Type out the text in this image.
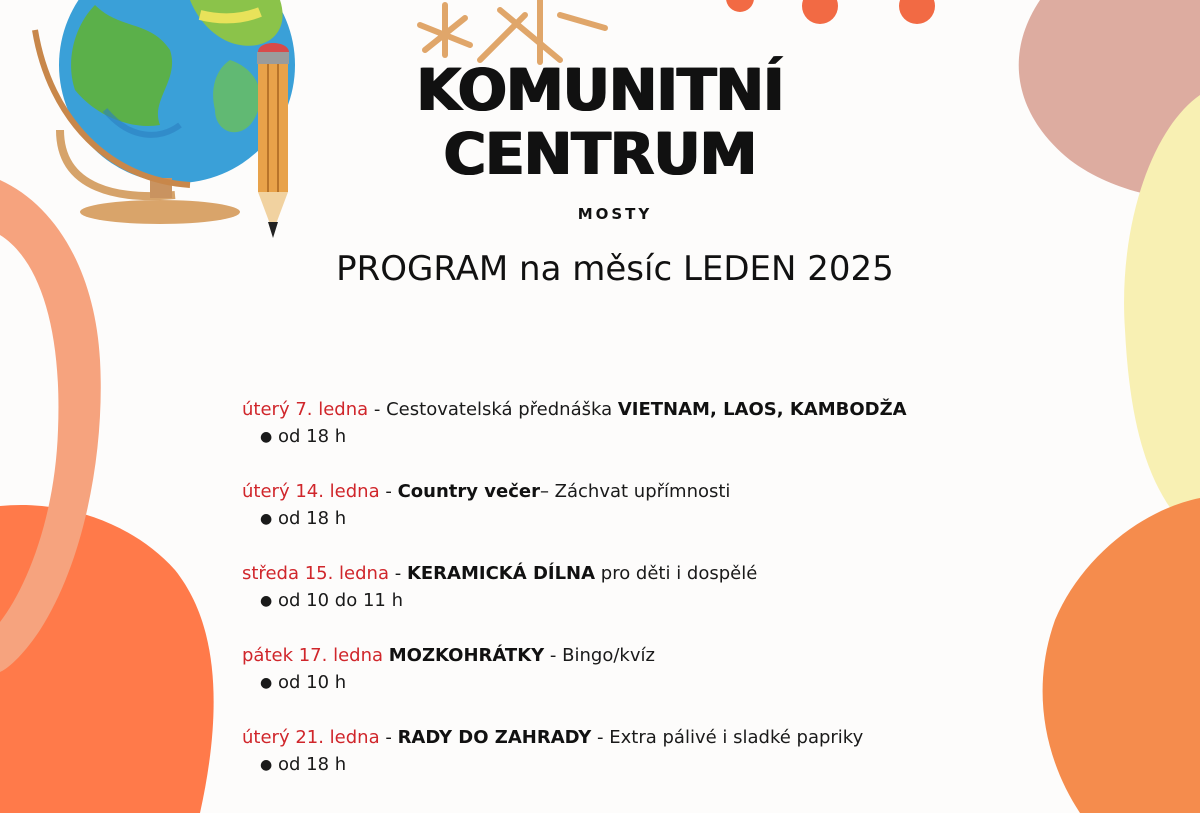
KOMUNITNÍ
CENTRUM
MOSTY
PROGRAM na měsíc LEDEN 2025
úterý 7. ledna - Cestovatelská přednáška VIETNAM, LAOS, KAMBODŽA
● od 18 h
úterý 14. ledna - Country večer– Záchvat upřímnosti
● od 18 h
středa 15. ledna - KERAMICKÁ DÍLNA pro děti i dospělé
● od 10 do 11 h
pátek 17. ledna MOZKOHRÁTKY - Bingo/kvíz
● od 10 h
úterý 21. ledna - RADY DO ZAHRADY - Extra pálivé i sladké papriky
● od 18 h
